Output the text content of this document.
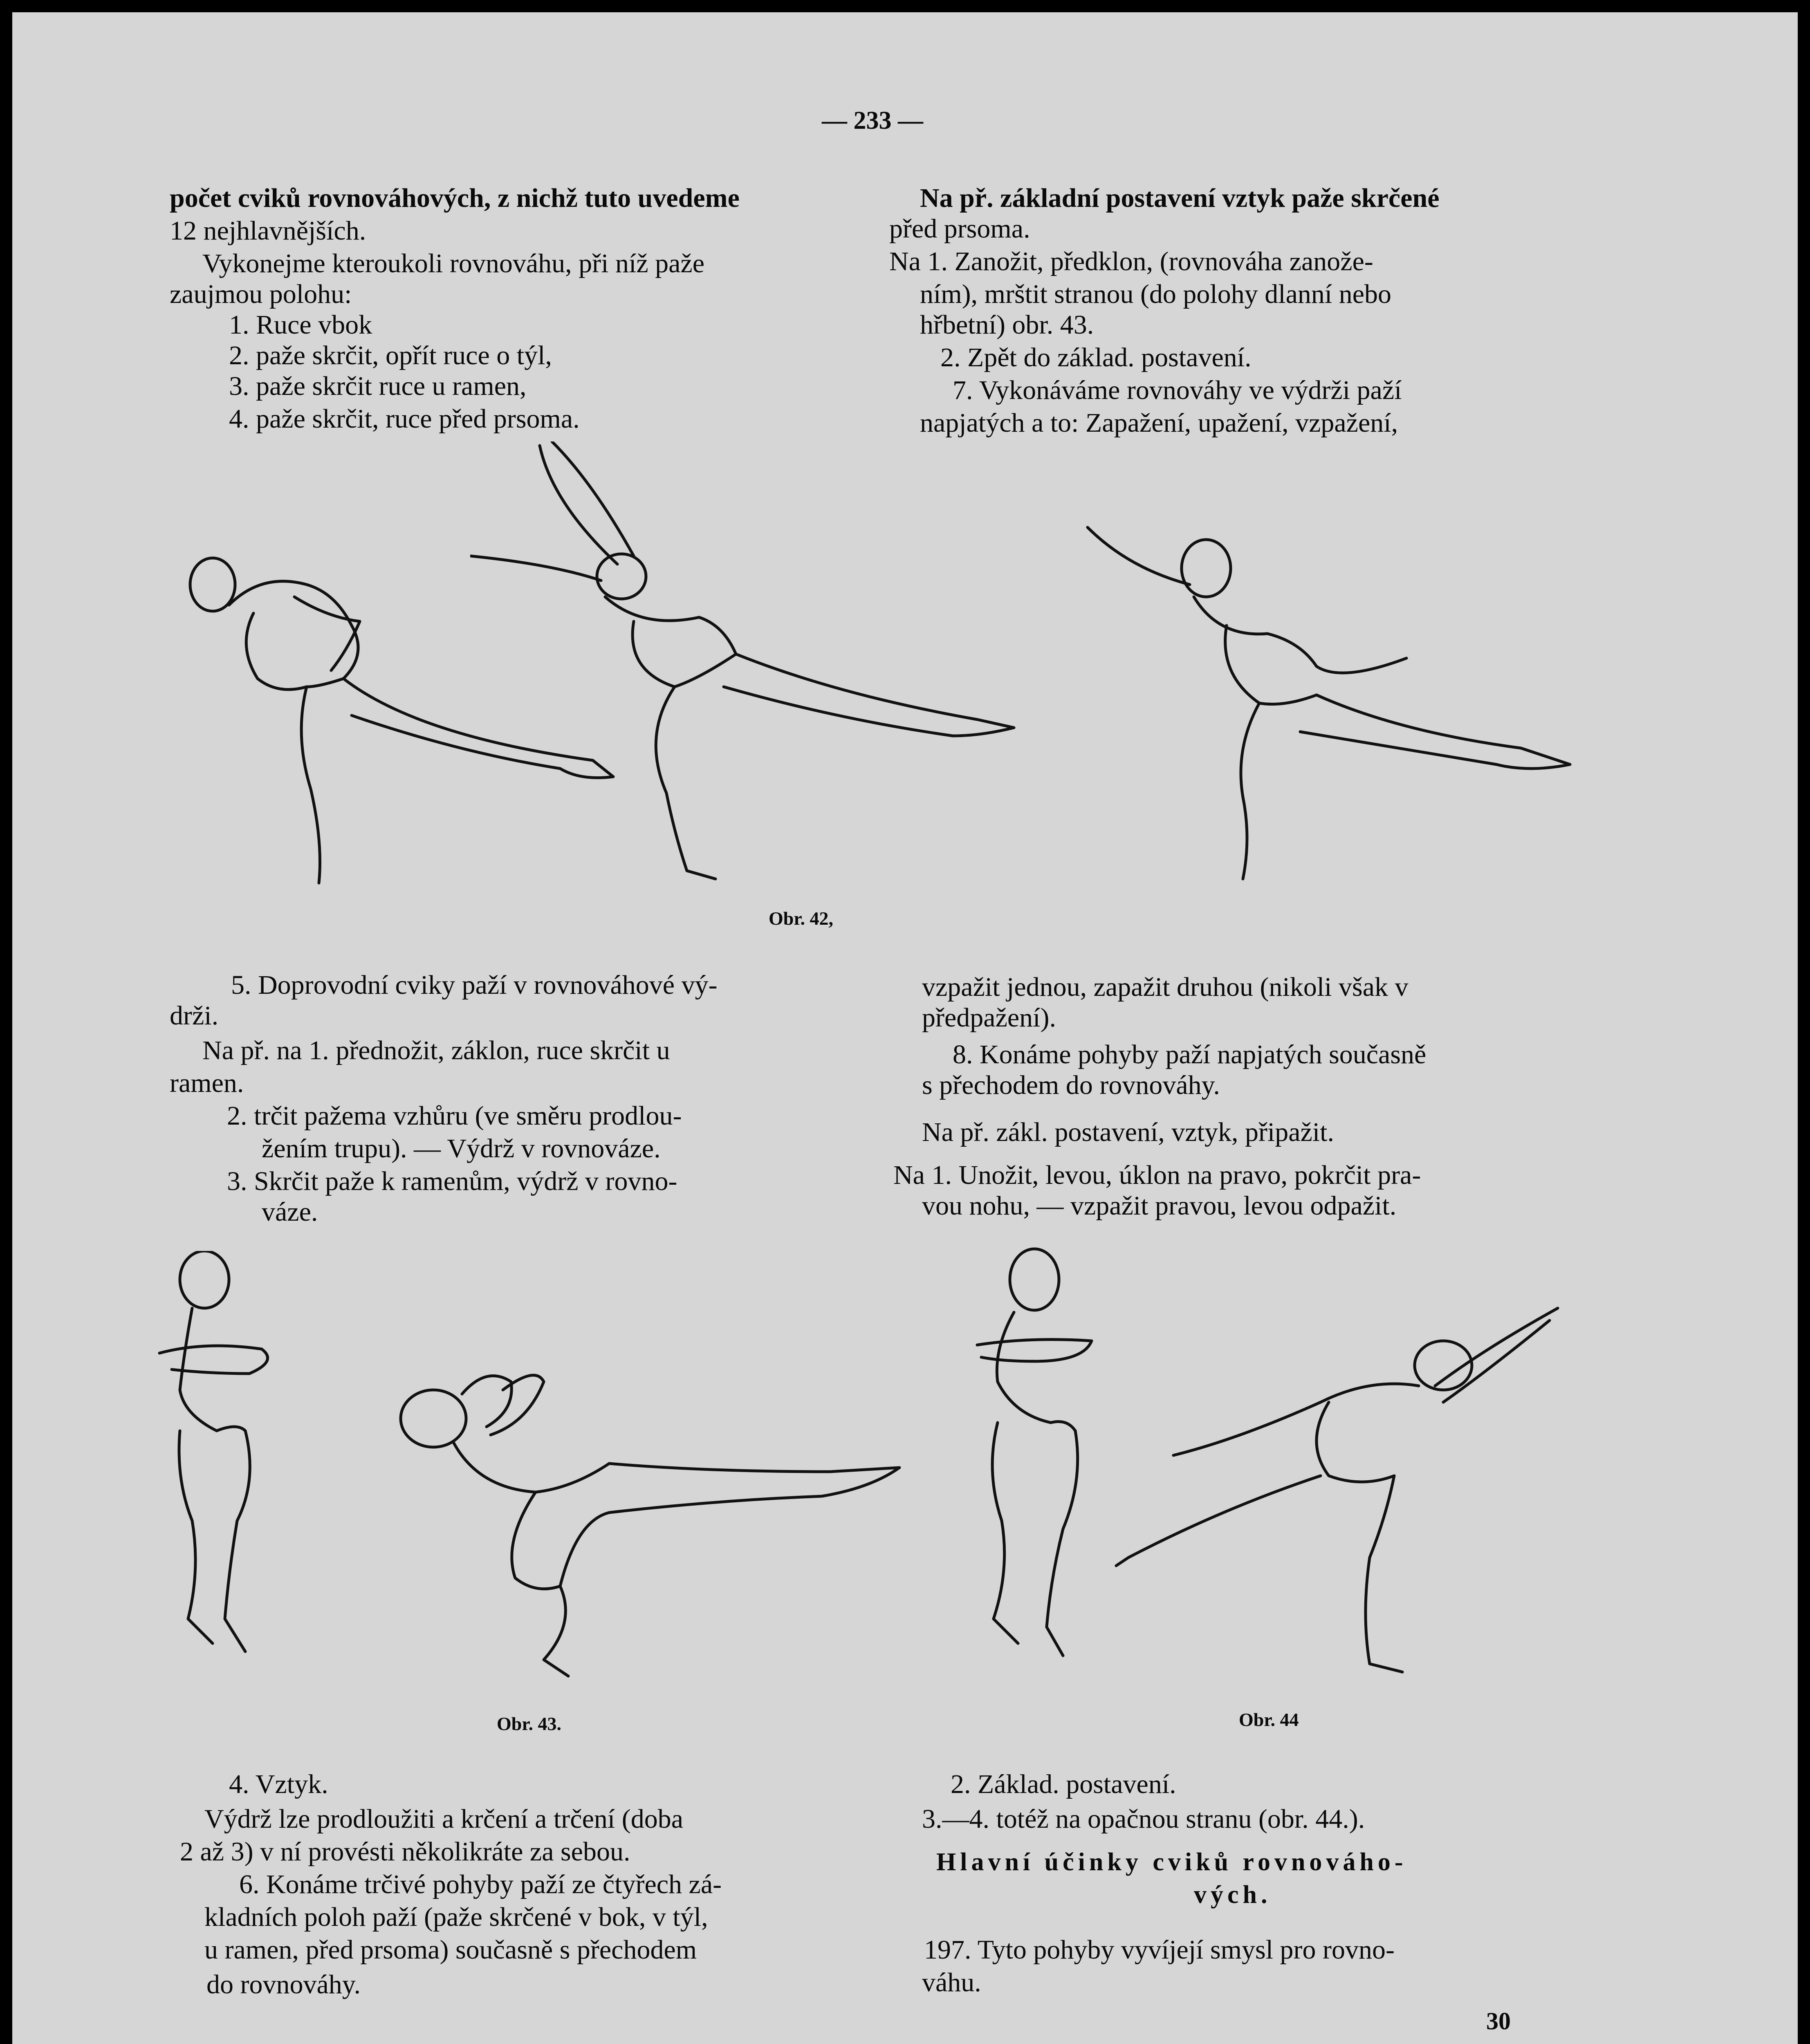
— 233 —
počet cviků rovnováhových, z nichž tuto uvedeme
12 nejhlavnějších.
Vykonejme kteroukoli rovnováhu, při níž paže
zaujmou polohu:
1. Ruce vbok
2. paže skrčit, opřít ruce o týl,
3. paže skrčit ruce u ramen,
4. paže skrčit, ruce před prsoma.
Na př. základní postavení vztyk paže skrčené
před prsoma.
Na 1. Zanožit, předklon, (rovnováha zanože-
ním), mrštit stranou (do polohy dlanní nebo
hřbetní) obr. 43.
2. Zpět do základ. postavení.
7. Vykonáváme rovnováhy ve výdrži paží
napjatých a to: Zapažení, upažení, vzpažení,
Obr. 42,
5. Doprovodní cviky paží v rovnováhové vý-
drži.
Na př. na 1. přednožit, záklon, ruce skrčit u
ramen.
2. trčit pažema vzhůru (ve směru prodlou-
žením trupu). — Výdrž v rovnováze.
3. Skrčit paže k ramenům, výdrž v rovno-
váze.
vzpažit jednou, zapažit druhou (nikoli však v
předpažení).
8. Konáme pohyby paží napjatých současně
s přechodem do rovnováhy.
Na př. zákl. postavení, vztyk, připažit.
Na 1. Unožit, levou, úklon na pravo, pokrčit pra-
vou nohu, — vzpažit pravou, levou odpažit.
Obr. 43.	Obr. 44
4. Vztyk.
Výdrž lze prodloužiti a krčení a trčení (doba
2 až 3) v ní provésti několikráte za sebou.
6. Konáme trčivé pohyby paží ze čtyřech zá-
kladních poloh paží (paže skrčené v bok, v týl,
u ramen, před prsoma) současně s přechodem
do rovnováhy.
2. Základ. postavení.
3.—4. totéž na opačnou stranu (obr. 44.).
Hlavní účinky cviků rovnováho-
vých.
197. Tyto pohyby vyvíjejí smysl pro rovno-
váhu.
30
